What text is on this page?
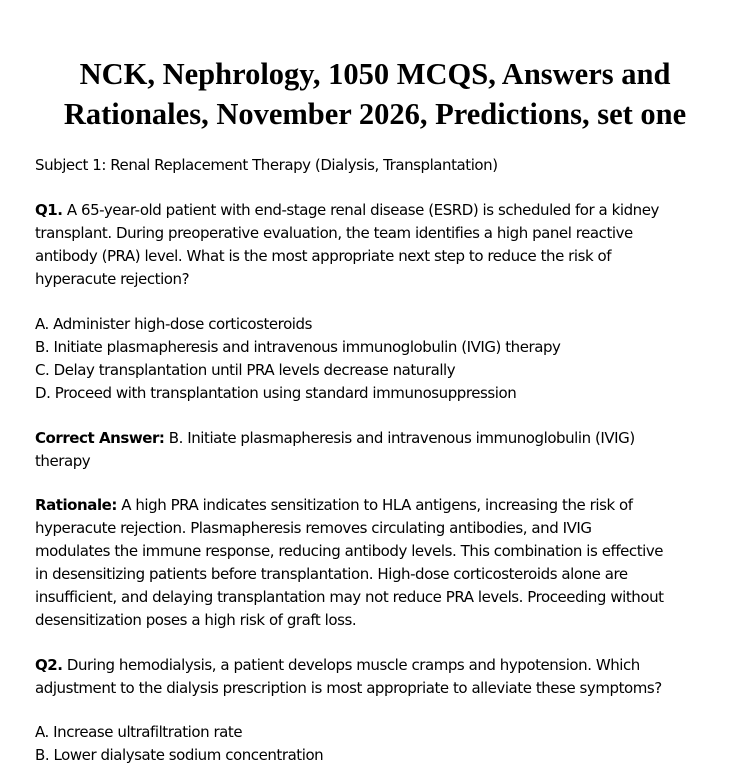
NCK, Nephrology, 1050 MCQS, Answers and
Rationales, November 2026, Predictions, set one

Subject 1: Renal Replacement Therapy (Dialysis, Transplantation)

Q1. A 65-year-old patient with end-stage renal disease (ESRD) is scheduled for a kidney
transplant. During preoperative evaluation, the team identifies a high panel reactive
antibody (PRA) level. What is the most appropriate next step to reduce the risk of
hyperacute rejection?

A. Administer high-dose corticosteroids
B. Initiate plasmapheresis and intravenous immunoglobulin (IVIG) therapy
C. Delay transplantation until PRA levels decrease naturally
D. Proceed with transplantation using standard immunosuppression

Correct Answer: B. Initiate plasmapheresis and intravenous immunoglobulin (IVIG)
therapy

Rationale: A high PRA indicates sensitization to HLA antigens, increasing the risk of
hyperacute rejection. Plasmapheresis removes circulating antibodies, and IVIG
modulates the immune response, reducing antibody levels. This combination is effective
in desensitizing patients before transplantation. High-dose corticosteroids alone are
insufficient, and delaying transplantation may not reduce PRA levels. Proceeding without
desensitization poses a high risk of graft loss.

Q2. During hemodialysis, a patient develops muscle cramps and hypotension. Which
adjustment to the dialysis prescription is most appropriate to alleviate these symptoms?

A. Increase ultrafiltration rate
B. Lower dialysate sodium concentration
